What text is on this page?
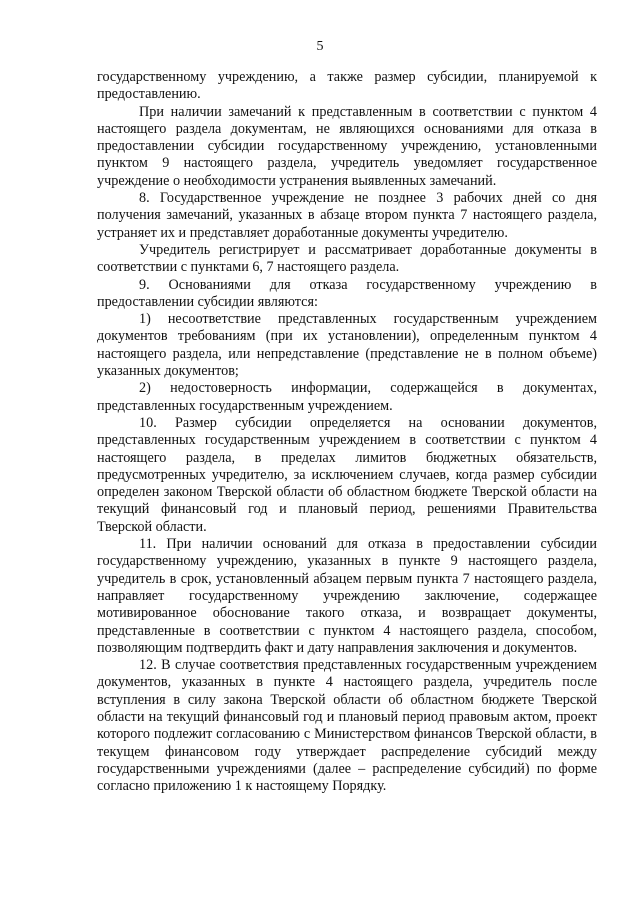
5

государственному учреждению, а также размер субсидии, планируемой к предоставлению.

При наличии замечаний к представленным в соответствии с пунктом 4 настоящего раздела документам, не являющихся основаниями для отказа в предоставлении субсидии государственному учреждению, установленными пунктом 9 настоящего раздела, учредитель уведомляет государственное учреждение о необходимости устранения выявленных замечаний.

8. Государственное учреждение не позднее 3 рабочих дней со дня получения замечаний, указанных в абзаце втором пункта 7 настоящего раздела, устраняет их и представляет доработанные документы учредителю.

Учредитель регистрирует и рассматривает доработанные документы в соответствии с пунктами 6, 7 настоящего раздела.

9. Основаниями для отказа государственному учреждению в предоставлении субсидии являются:

1) несоответствие представленных государственным учреждением документов требованиям (при их установлении), определенным пунктом 4 настоящего раздела, или непредставление (представление не в полном объеме) указанных документов;

2) недостоверность информации, содержащейся в документах, представленных государственным учреждением.

10. Размер субсидии определяется на основании документов, представленных государственным учреждением в соответствии с пунктом 4 настоящего раздела, в пределах лимитов бюджетных обязательств, предусмотренных учредителю, за исключением случаев, когда размер субсидии определен законом Тверской области об областном бюджете Тверской области на текущий финансовый год и плановый период, решениями Правительства Тверской области.

11. При наличии оснований для отказа в предоставлении субсидии государственному учреждению, указанных в пункте 9 настоящего раздела, учредитель в срок, установленный абзацем первым пункта 7 настоящего раздела, направляет государственному учреждению заключение, содержащее мотивированное обоснование такого отказа, и возвращает документы, представленные в соответствии с пунктом 4 настоящего раздела, способом, позволяющим подтвердить факт и дату направления заключения и документов.

12. В случае соответствия представленных государственным учреждением документов, указанных в пункте 4 настоящего раздела, учредитель после вступления в силу закона Тверской области об областном бюджете Тверской области на текущий финансовый год и плановый период правовым актом, проект которого подлежит согласованию с Министерством финансов Тверской области, в текущем финансовом году утверждает распределение субсидий между государственными учреждениями (далее – распределение субсидий) по форме согласно приложению 1 к настоящему Порядку.
